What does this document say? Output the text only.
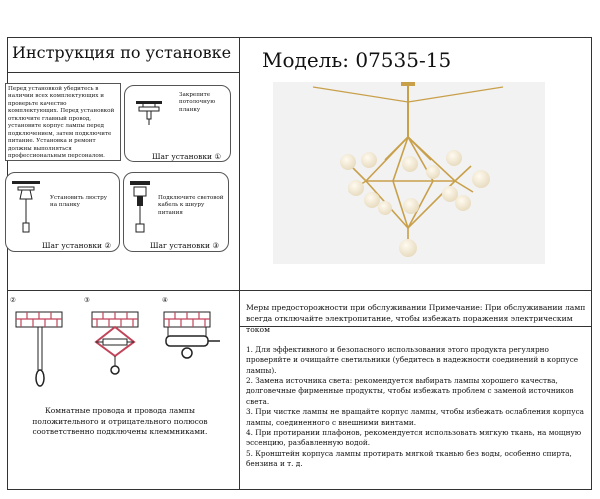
Инструкция по установке Модель: 07535-15
Перед установкой убедитесь в наличии всех комплектующих и проверьте качество комплектующих. Перед установкой отключите главный провод, установите корпус лампы перед подключением, затем подключите питание. Установка и ремонт должны выполняться профессиональным персоналом.
Закрепите потолочную планку
Шаг установки ①
Установить люстру на планку
Шаг установки ②
Подключите световой кабель к шнуру питания
Шаг установки ③
②	③	④
Комнатные провода и провода лампы положительного и отрицательного полюсов соответственно подключены клеммниками.
Меры предосторожности при обслуживании Примечание: При обслуживании ламп всегда отключайте электропитание, чтобы избежать поражения электрическим током
1. Для эффективного и безопасного использования этого продукта регулярно проверяйте и очищайте светильники (убедитесь в надежности соединений в корпусе лампы).
2. Замена источника света: рекомендуется выбирать лампы хорошего качества, долговечные фирменные продукты, чтобы избежать проблем с заменой источников света.
3. При чистке лампы не вращайте корпус лампы, чтобы избежать ослабления корпуса лампы, соединенного с внешними винтами.
4. При протирании плафонов, рекомендуется использовать мягкую ткань, на мощную эссенцию, разбавленную водой.
5. Кронштейн корпуса лампы протирать мягкой тканью без воды, особенно спирта, бензина и т. д.
